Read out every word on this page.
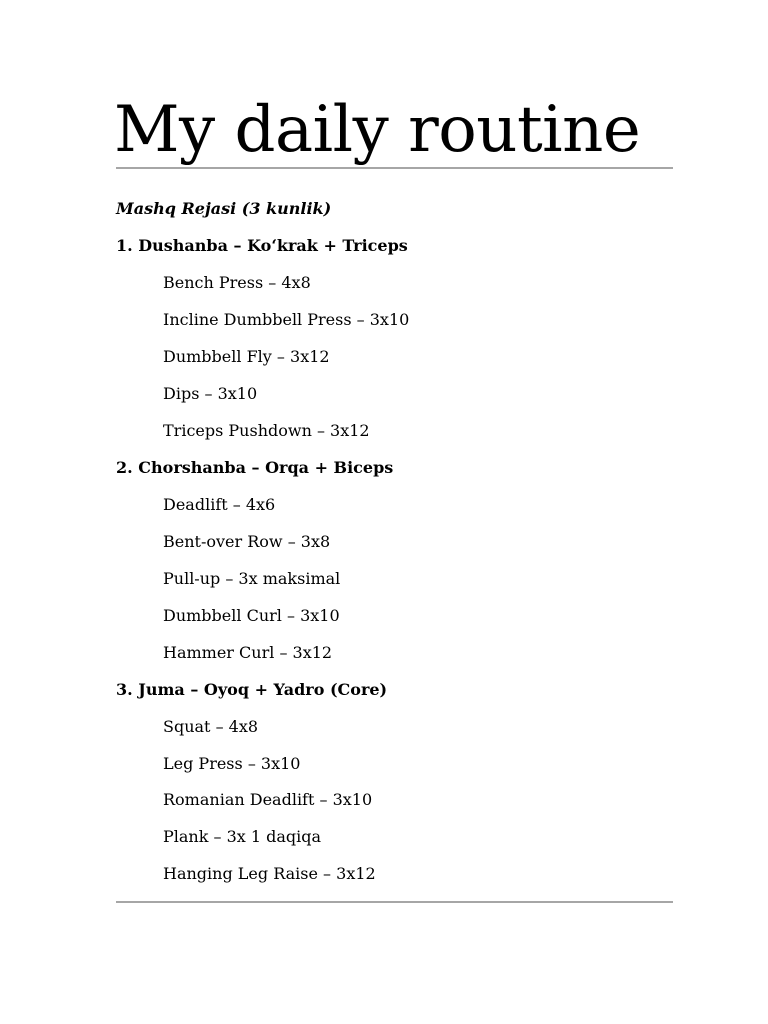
My daily routine
Mashq Rejasi (3 kunlik)
1. Dushanba – Ko‘krak + Triceps
Bench Press – 4x8
Incline Dumbbell Press – 3x10
Dumbbell Fly – 3x12
Dips – 3x10
Triceps Pushdown – 3x12
2. Chorshanba – Orqa + Biceps
Deadlift – 4x6
Bent-over Row – 3x8
Pull-up – 3x maksimal
Dumbbell Curl – 3x10
Hammer Curl – 3x12
3. Juma – Oyoq + Yadro (Core)
Squat – 4x8
Leg Press – 3x10
Romanian Deadlift – 3x10
Plank – 3x 1 daqiqa
Hanging Leg Raise – 3x12
